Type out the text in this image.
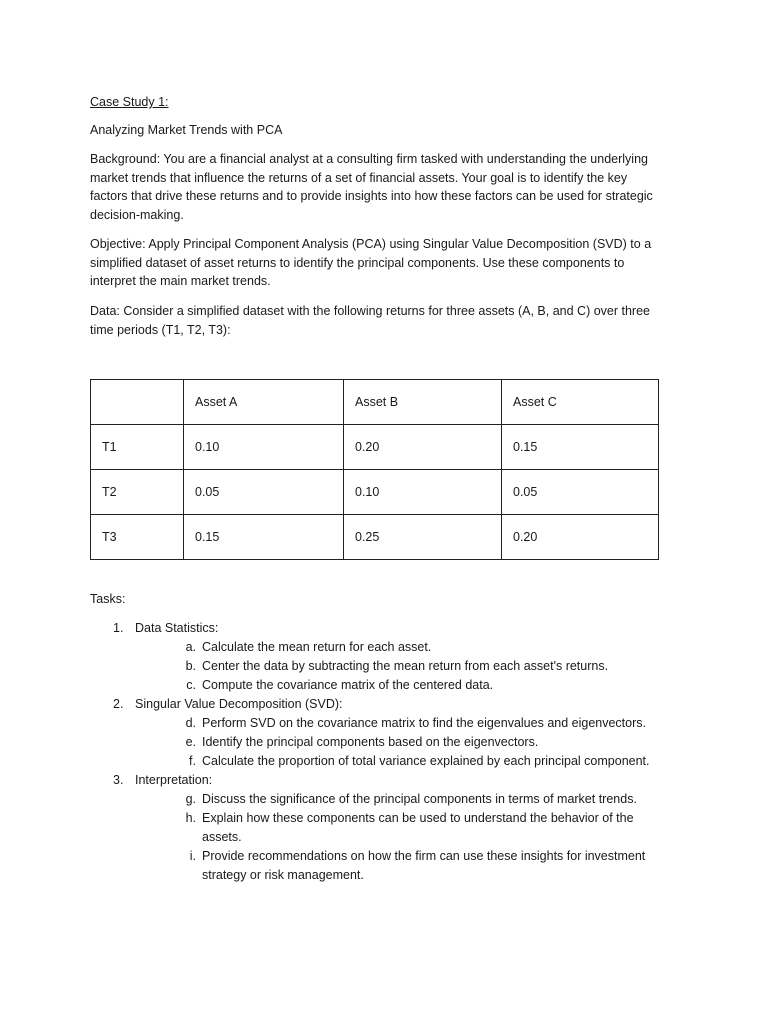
Case Study 1:

Analyzing Market Trends with PCA

Background: You are a financial analyst at a consulting firm tasked with understanding the underlying market trends that influence the returns of a set of financial assets. Your goal is to identify the key factors that drive these returns and to provide insights into how these factors can be used for strategic decision-making.

Objective: Apply Principal Component Analysis (PCA) using Singular Value Decomposition (SVD) to a simplified dataset of asset returns to identify the principal components. Use these components to interpret the main market trends.

Data: Consider a simplified dataset with the following returns for three assets (A, B, and C) over three time periods (T1, T2, T3):

	Asset A	Asset B	Asset C
T1	0.10	0.20	0.15
T2	0.05	0.10	0.05
T3	0.15	0.25	0.20

Tasks:

1. Data Statistics:
a. Calculate the mean return for each asset.
b. Center the data by subtracting the mean return from each asset's returns.
c. Compute the covariance matrix of the centered data.
2. Singular Value Decomposition (SVD):
d. Perform SVD on the covariance matrix to find the eigenvalues and eigenvectors.
e. Identify the principal components based on the eigenvectors.
f. Calculate the proportion of total variance explained by each principal component.
3. Interpretation:
g. Discuss the significance of the principal components in terms of market trends.
h. Explain how these components can be used to understand the behavior of the assets.
i. Provide recommendations on how the firm can use these insights for investment strategy or risk management.
